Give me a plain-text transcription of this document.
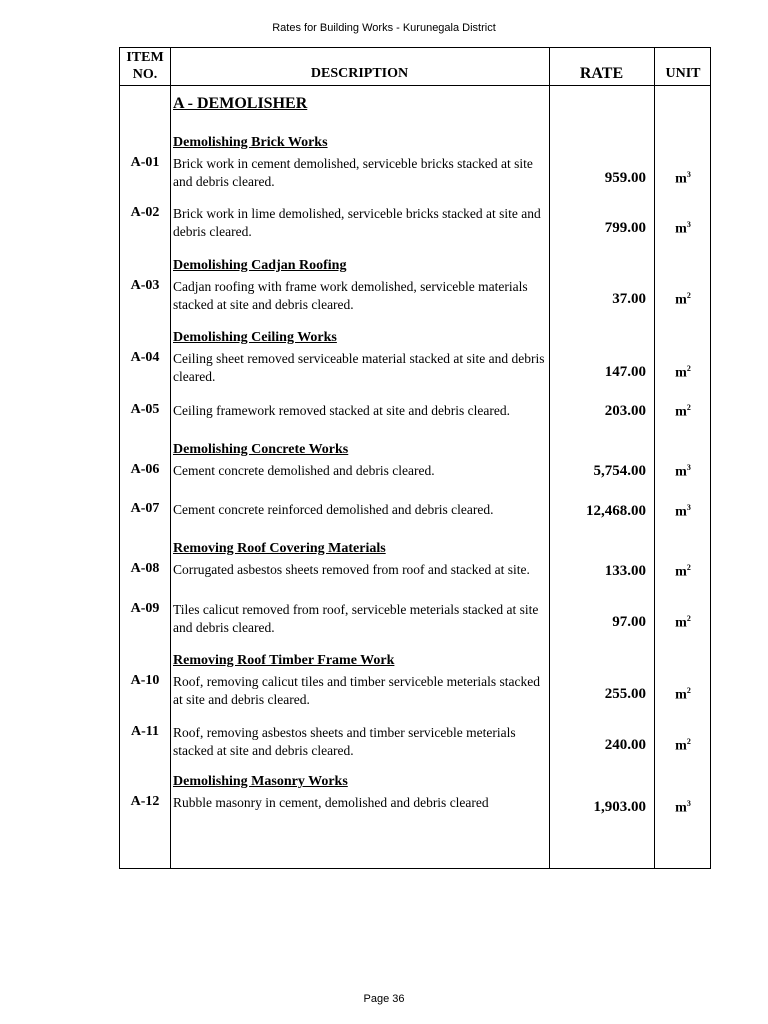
Rates for Building Works - Kurunegala District
ITEM
NO.	DESCRIPTION	RATE	UNIT
A - DEMOLISHER
Demolishing Brick Works
A-01	Brick work in cement demolished, serviceble bricks stacked at site and debris cleared.	959.00	$m^3$
A-02	Brick work in lime demolished, serviceble bricks stacked at site and debris cleared.	799.00	$m^3$
Demolishing Cadjan Roofing
A-03	Cadjan roofing with frame work demolished, serviceble materials stacked at site and debris cleared.	37.00	$m^2$
Demolishing Ceiling Works
A-04	Ceiling sheet removed serviceable material stacked at site and debris cleared.	147.00	$m^2$
A-05	Ceiling framework removed stacked at site and debris cleared.	203.00	$m^2$
Demolishing Concrete Works
A-06	Cement concrete demolished and debris cleared.	5,754.00	$m^3$
A-07	Cement concrete reinforced demolished and debris cleared.	12,468.00	$m^3$
Removing Roof Covering Materials
A-08	Corrugated asbestos sheets removed from roof and stacked at site.	133.00	$m^2$
A-09	Tiles calicut removed from roof, serviceble meterials stacked at site and debris cleared.	97.00	$m^2$
Removing Roof Timber Frame Work
A-10	Roof, removing calicut tiles and timber serviceble meterials stacked at site and debris cleared.	255.00	$m^2$
A-11	Roof, removing asbestos sheets and timber serviceble meterials stacked at site and debris cleared.	240.00	$m^2$
Demolishing Masonry Works
A-12	Rubble masonry in cement, demolished and debris cleared	1,903.00	$m^3$
Page 36
